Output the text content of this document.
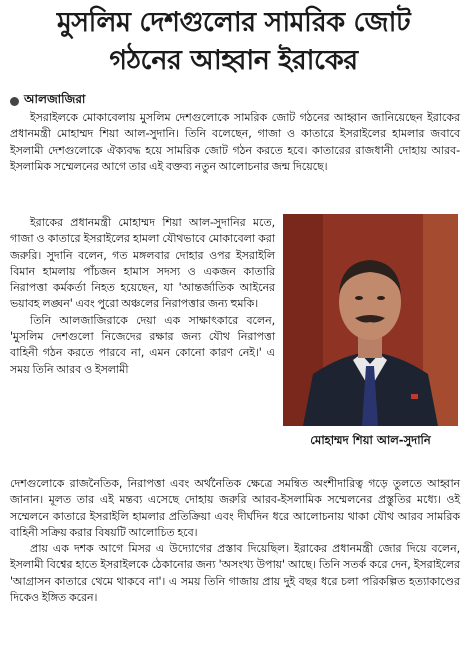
মুসলিম দেশগুলোর সামরিক জোট
গঠনের আহ্বান ইরাকের
আলজাজিরা

ইসরাইলকে মোকাবেলায় মুসলিম দেশগুলোকে সামরিক জোট গঠনের আহ্বান জানিয়েছেন ইরাকের প্রধানমন্ত্রী মোহাম্মদ শিয়া আল-সুদানি। তিনি বলেছেন, গাজা ও কাতারে ইসরাইলের হামলার জবাবে ইসলামী দেশগুলোকে ঐক্যবদ্ধ হয়ে সামরিক জোট গঠন করতে হবে। কাতারের রাজধানী দোহায় আরব-ইসলামিক সম্মেলনের আগে তার এই বক্তব্য নতুন আলোচনার জন্ম দিয়েছে।

ইরাকের প্রধানমন্ত্রী মোহাম্মদ শিয়া আল-সুদানির মতে, গাজা ও কাতারে ইসরাইলের হামলা যৌথভাবে মোকাবেলা করা জরুরি। সুদানি বলেন, গত মঙ্গলবার দোহার ওপর ইসরাইলি বিমান হামলায় পাঁচজন হামাস সদস্য ও একজন কাতারি নিরাপত্তা কর্মকর্তা নিহত হয়েছেন, যা 'আন্তর্জাতিক আইনের ভয়াবহ লঙ্ঘন' এবং পুরো অঞ্চলের নিরাপত্তার জন্য হুমকি।

তিনি আলজাজিরাকে দেয়া এক সাক্ষাৎকারে বলেন, 'মুসলিম দেশগুলো নিজেদের রক্ষার জন্য যৌথ নিরাপত্তা বাহিনী গঠন করতে পারবে না, এমন কোনো কারণ নেই।' এ সময় তিনি আরব ও ইসলামী

মোহাম্মদ শিয়া আল-সুদানি

দেশগুলোকে রাজনৈতিক, নিরাপত্তা এবং অর্থনৈতিক ক্ষেত্রে সমন্বিত অংশীদারিত্ব গড়ে তুলতে আহ্বান জানান। মূলত তার এই মন্তব্য এসেছে দোহায় জরুরি আরব-ইসলামিক সম্মেলনের প্রস্তুতির মধ্যে। ওই সম্মেলনে কাতারে ইসরাইলি হামলার প্রতিক্রিয়া এবং দীর্ঘদিন ধরে আলোচনায় থাকা যৌথ আরব সামরিক বাহিনী সক্রিয় করার বিষয়টি আলোচিত হবে।

প্রায় এক দশক আগে মিসর এ উদ্যোগের প্রস্তাব দিয়েছিল। ইরাকের প্রধানমন্ত্রী জোর দিয়ে বলেন, ইসলামী বিশ্বের হাতে ইসরাইলকে ঠেকানোর জন্য 'অসংখ্য উপায়' আছে। তিনি সতর্ক করে দেন, ইসরাইলের 'আগ্রাসন কাতারে থেমে থাকবে না'। এ সময় তিনি গাজায় প্রায় দুই বছর ধরে চলা পরিকল্পিত হত্যাকাণ্ডের দিকেও ইঙ্গিত করেন।
